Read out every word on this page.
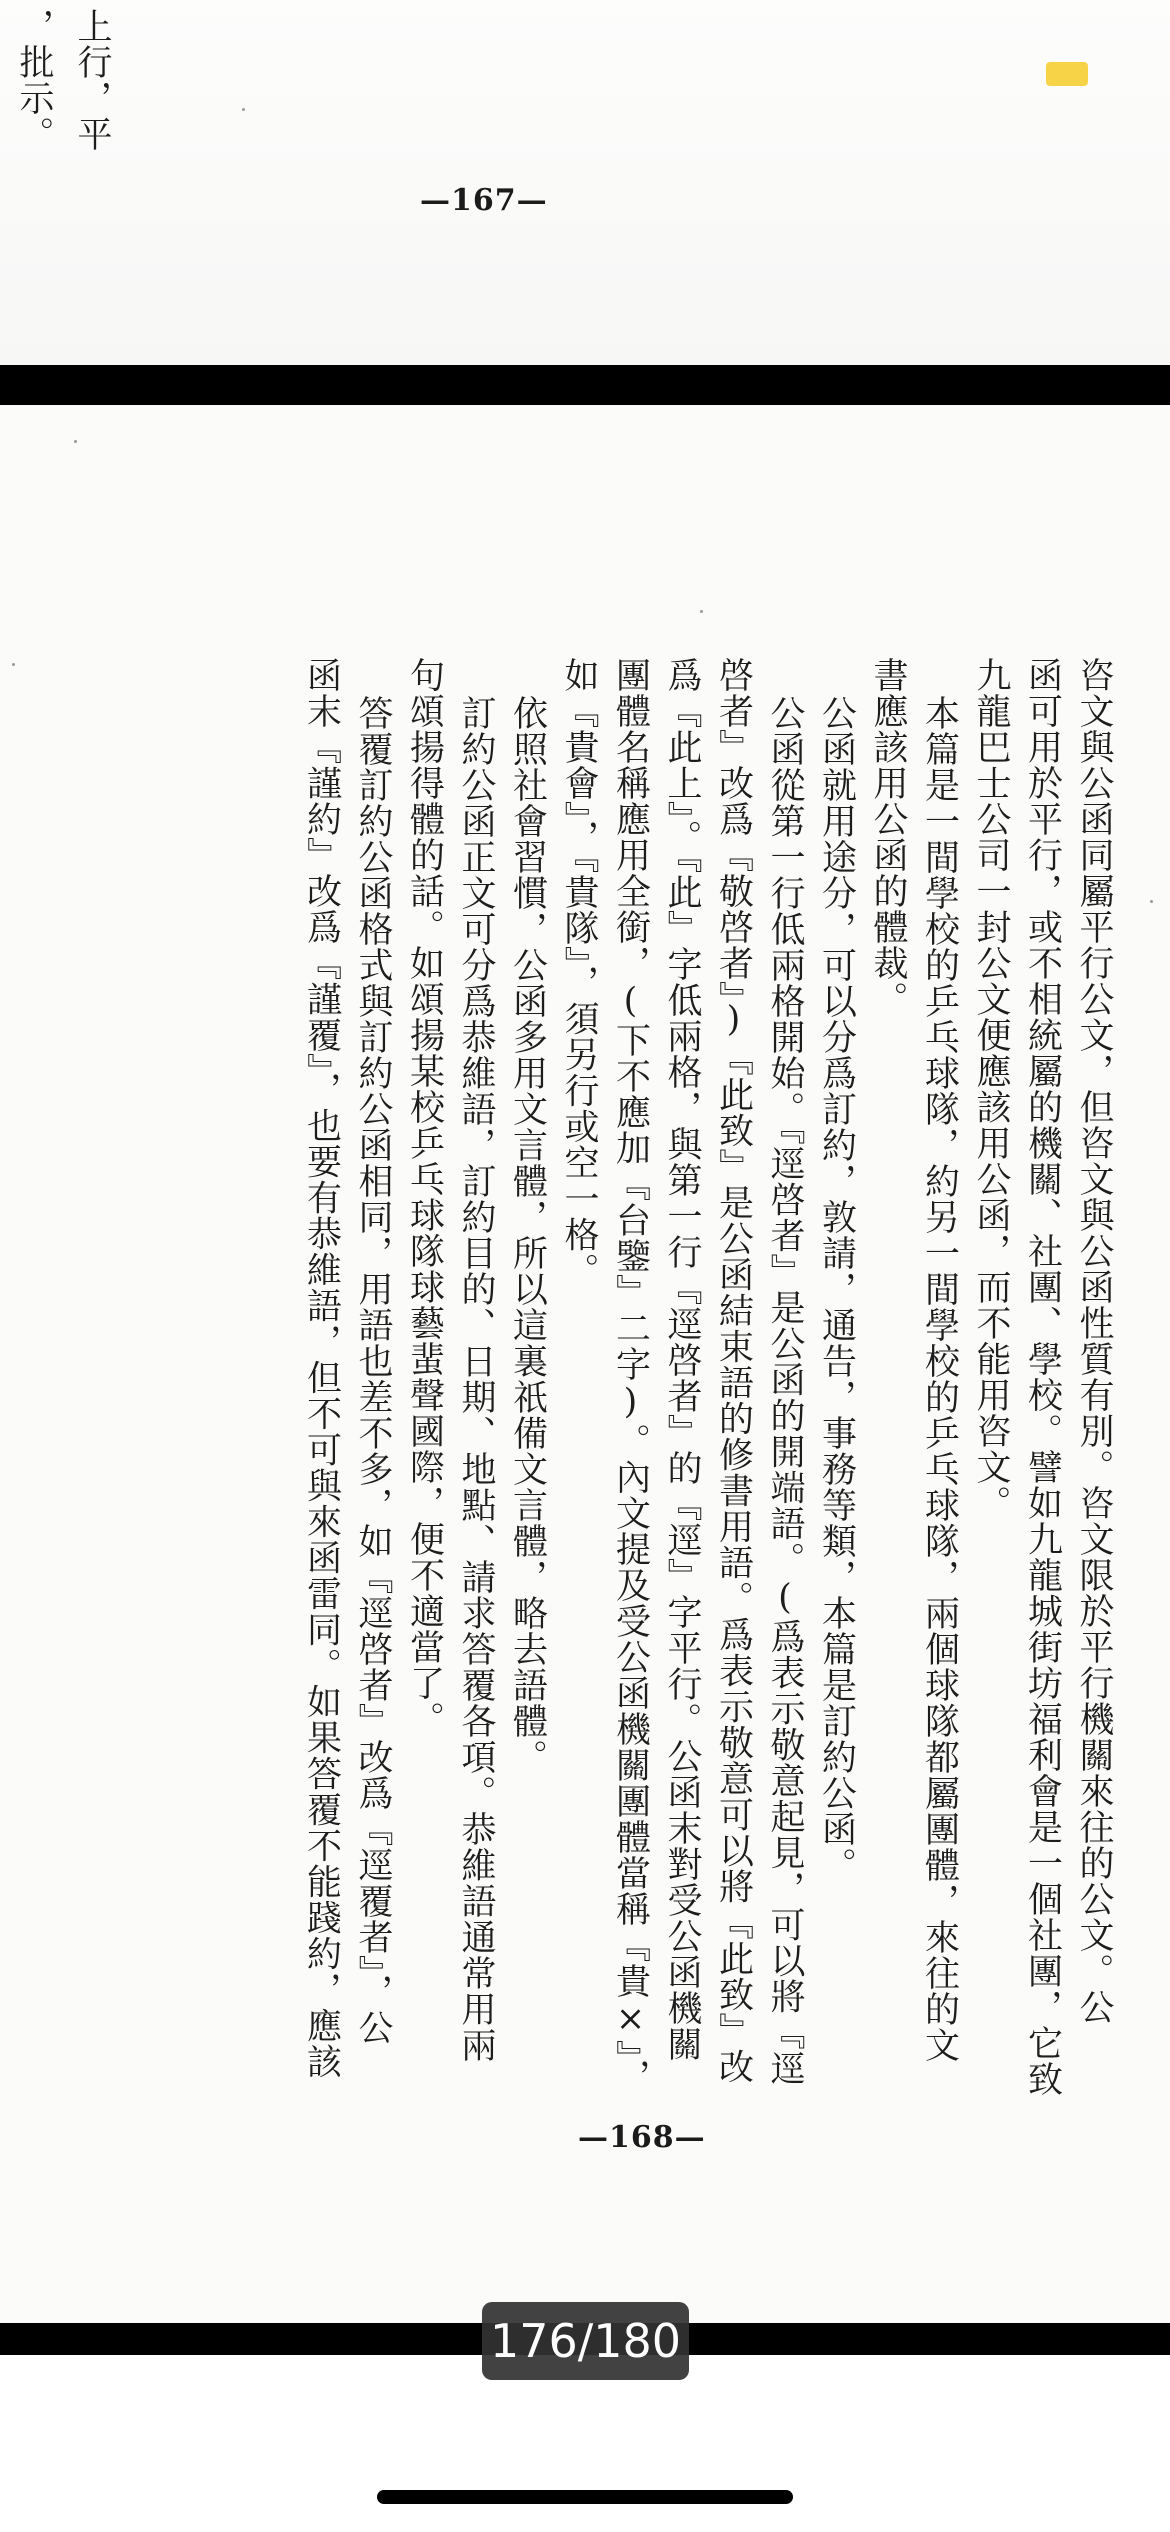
上行，平
，批示。
—167—
咨文與公函同屬平行公文，但咨文與公函性質有別。咨文限於平行機關來往的公文。公
函可用於平行，或不相統屬的機關、社團、學校。譬如九龍城街坊福利會是一個社團，它致
九龍巴士公司一封公文便應該用公函，而不能用咨文。
本篇是一間學校的乒乓球隊，約另一間學校的乒乓球隊，兩個球隊都屬團體，來往的文
書應該用公函的體裁。
公函就用途分，可以分爲訂約，敦請，通告，事務等類，本篇是訂約公函。
公函從第一行低兩格開始。『逕啓者』是公函的開端語。(爲表示敬意起見，可以將『逕
啓者』改爲『敬啓者』)『此致』是公函結束語的修書用語。爲表示敬意可以將『此致』改
爲『此上』。『此』字低兩格，與第一行『逕啓者』的『逕』字平行。公函末對受公函機關
團體名稱應用全銜，(下不應加『台鑒』二字)。內文提及受公函機關團體當稱『貴×』，
如『貴會』，『貴隊』，須另行或空一格。
依照社會習慣，公函多用文言體，所以這裏祇備文言體，略去語體。
訂約公函正文可分爲恭維語，訂約目的、日期、地點、請求答覆各項。恭維語通常用兩
句頌揚得體的話。如頌揚某校乒乓球隊球藝蜚聲國際，便不適當了。
答覆訂約公函格式與訂約公函相同，用語也差不多，如『逕啓者』改爲『逕覆者』，公
函末『謹約』改爲『謹覆』，也要有恭維語，但不可與來函雷同。如果答覆不能踐約，應該
—168—
176/180
